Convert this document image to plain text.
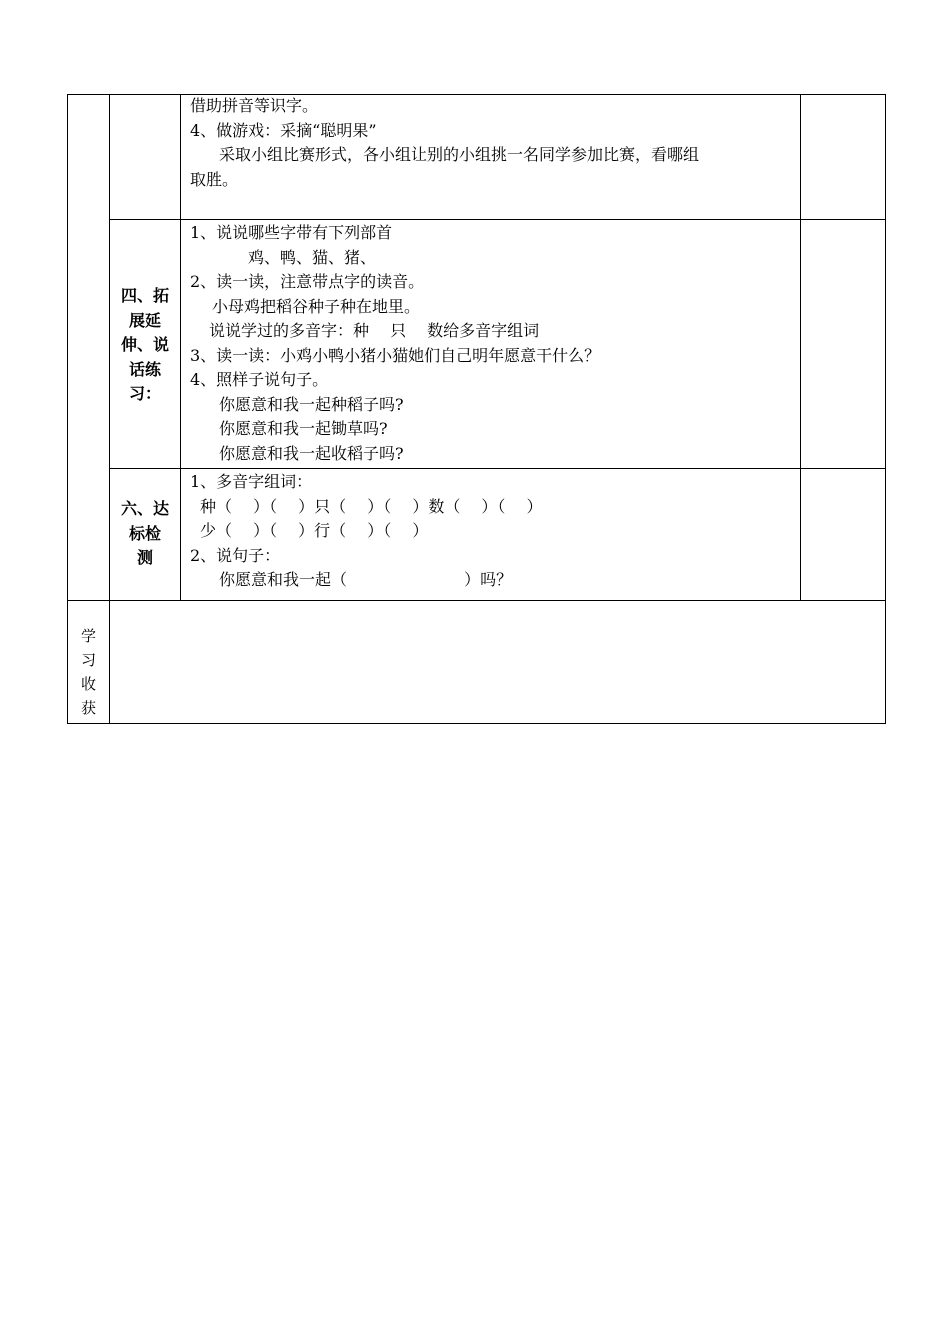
借助拼音等识字。
4、做游戏：采摘“聪明果”
采取小组比赛形式，各小组让别的小组挑一名同学参加比赛，看哪组
取胜。
四、拓
展延
伸、说
话练
习：
1、说说哪些字带有下列部首
鸡、鸭、猫、猪、
2、读一读，注意带点字的读音。
小母鸡把稻谷种子种在地里。
说说学过的多音字：种　 只　 数给多音字组词
3、读一读：小鸡小鸭小猪小猫她们自己明年愿意干什么？
4、照样子说句子。
你愿意和我一起种稻子吗?
你愿意和我一起锄草吗?
你愿意和我一起收稻子吗?
六、达
标检
测
1、多音字组词：
种（　 ）（　 ）只（　 ）（　 ）数（　 ）（　 ）
少（　 ）（　 ）行（　 ）（　 ）
2、说句子：
你愿意和我一起（　　　　　　　 ）吗？
学
习
收
获
